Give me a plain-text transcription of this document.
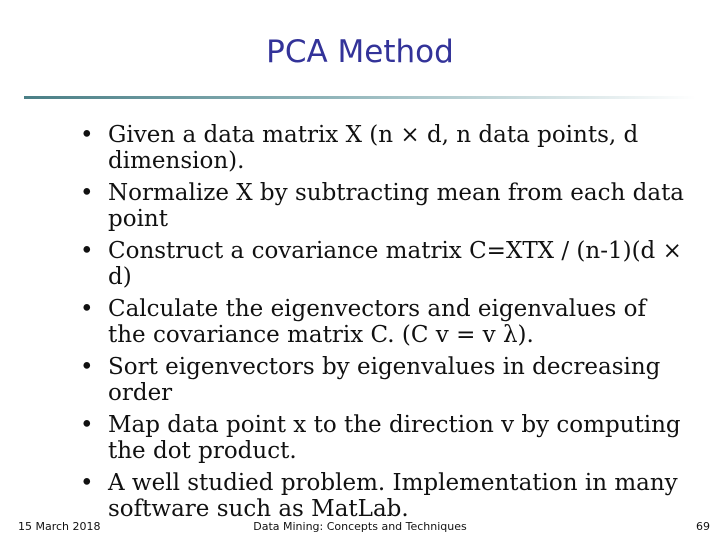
PCA Method
• Given a data matrix X (n × d, n data points, d dimension).
• Normalize X by subtracting mean from each data point
• Construct a covariance matrix C=XTX / (n-1)(d × d)
• Calculate the eigenvectors and eigenvalues of the covariance matrix C. (C v = v λ).
• Sort eigenvectors by eigenvalues in decreasing order
• Map data point x to the direction v by computing the dot product.
• A well studied problem. Implementation in many software such as MatLab.
15 March 2018	Data Mining: Concepts and Techniques	69
